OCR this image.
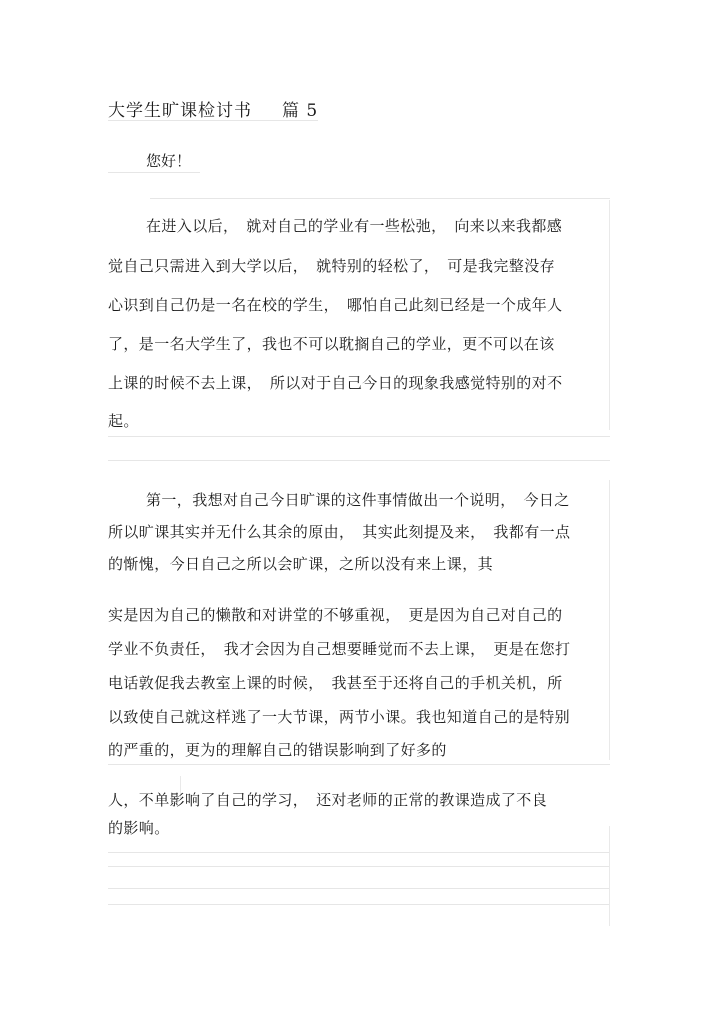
大学生旷课检讨书 篇 5
您好！
在进入以后，　就对自己的学业有一些松弛，　向来以来我都感
觉自己只需进入到大学以后，　就特别的轻松了，　可是我完整没存
心识到自己仍是一名在校的学生，　哪怕自己此刻已经是一个成年人
了，是一名大学生了，我也不可以耽搁自己的学业，更不可以在该
上课的时候不去上课，　所以对于自己今日的现象我感觉特别的对不
起。
第一，我想对自己今日旷课的这件事情做出一个说明，　今日之
所以旷课其实并无什么其余的原由，　其实此刻提及来，　我都有一点
的惭愧，今日自己之所以会旷课，之所以没有来上课，其
实是因为自己的懒散和对讲堂的不够重视，　更是因为自己对自己的
学业不负责任，　我才会因为自己想要睡觉而不去上课，　更是在您打
电话敦促我去教室上课的时候，　我甚至于还将自己的手机关机，所
以致使自己就这样逃了一大节课，两节小课。我也知道自己的是特别
的严重的，更为的理解自己的错误影响到了好多的
人，不单影响了自己的学习，　还对老师的正常的教课造成了不良
的影响。
